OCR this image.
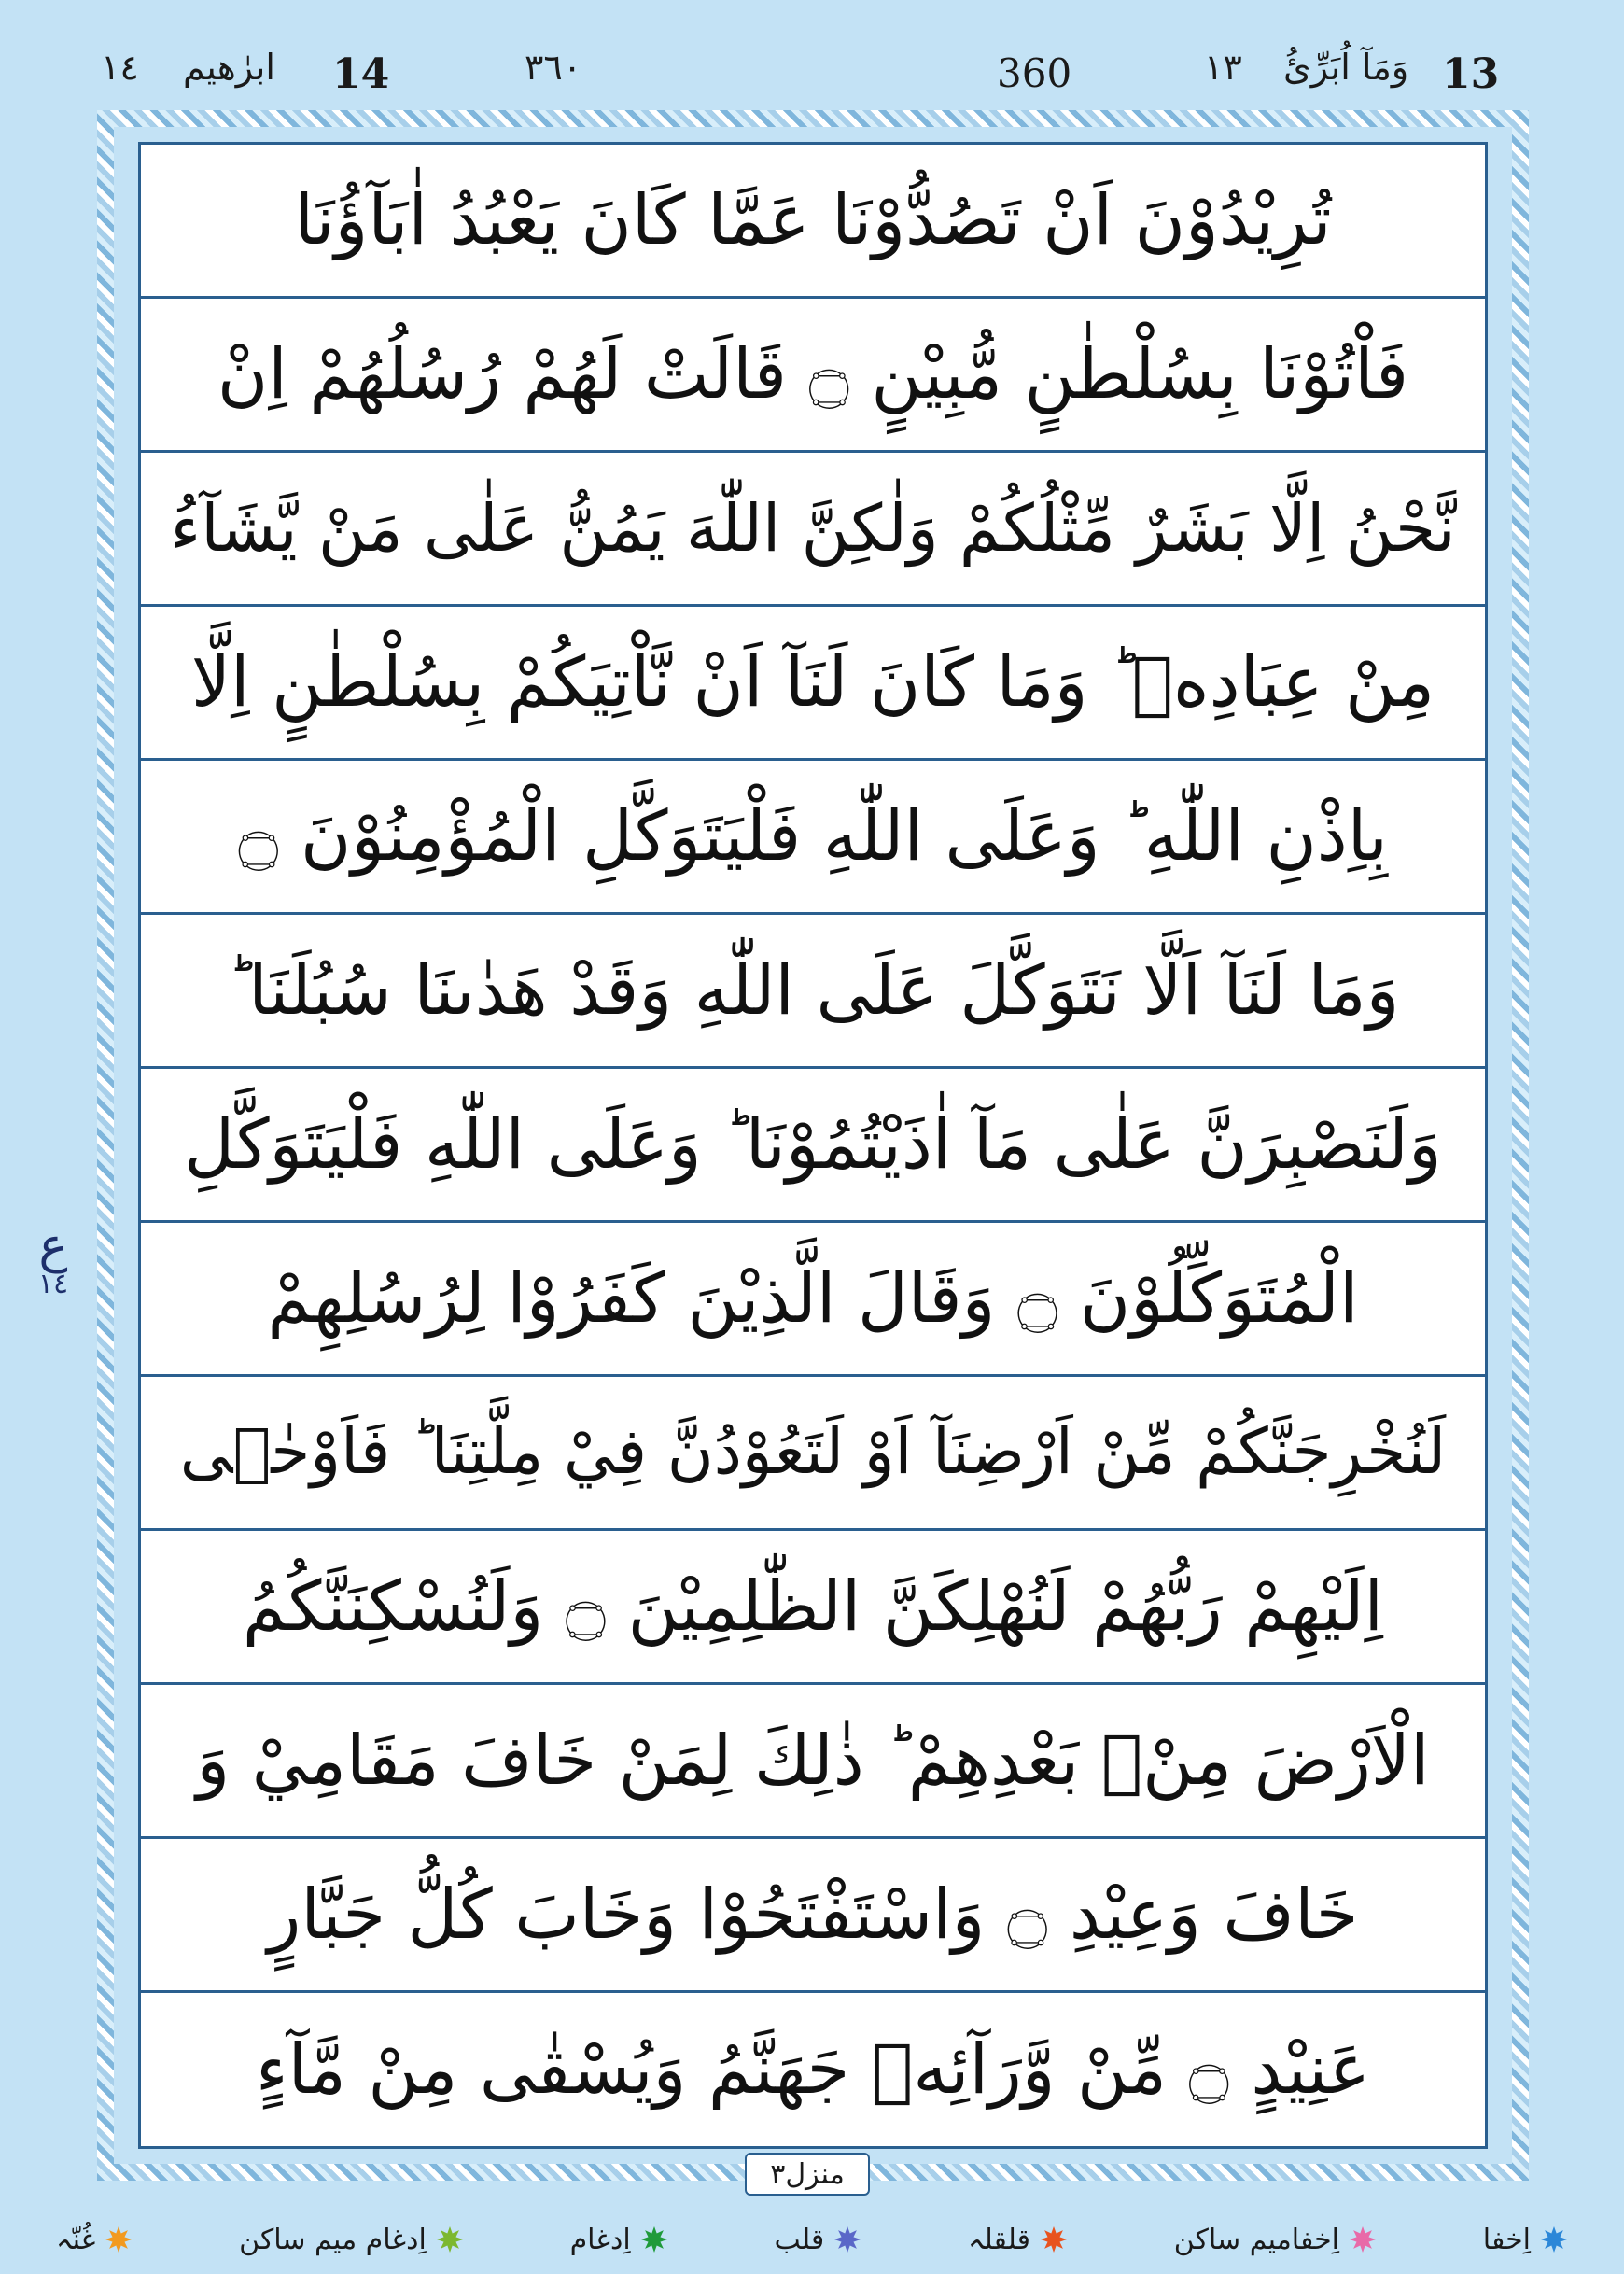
13
وَمَآ اُبَرِّئُ
١٣
360
٣٦٠
14
ابرٰهیم
١٤
تُرِيْدُوْنَ اَنْ تَصُدُّوْنَا عَمَّا كَانَ يَعْبُدُ اٰبَآؤُنَا
فَاْتُوْنَا بِسُلْطٰنٍ مُّبِيْنٍ ۝ قَالَتْ لَهُمْ رُسُلُهُمْ اِنْ
نَّحْنُ اِلَّا بَشَرٌ مِّثْلُكُمْ وَلٰكِنَّ اللّٰهَ يَمُنُّ عَلٰى مَنْ يَّشَآءُ
مِنْ عِبَادِهٖ ؕ وَمَا كَانَ لَنَآ اَنْ نَّاْتِيَكُمْ بِسُلْطٰنٍ اِلَّا
بِاِذْنِ اللّٰهِ ؕ وَعَلَى اللّٰهِ فَلْيَتَوَكَّلِ الْمُؤْمِنُوْنَ ۝
وَمَا لَنَآ اَلَّا نَتَوَكَّلَ عَلَى اللّٰهِ وَقَدْ هَدٰىنَا سُبُلَنَا ؕ
وَلَنَصْبِرَنَّ عَلٰى مَآ اٰذَيْتُمُوْنَا ؕ وَعَلَى اللّٰهِ فَلْيَتَوَكَّلِ
الْمُتَوَكِّلُوْنَ ۝ وَقَالَ الَّذِيْنَ كَفَرُوْا لِرُسُلِهِمْ
لَنُخْرِجَنَّكُمْ مِّنْ اَرْضِنَآ اَوْ لَتَعُوْدُنَّ فِيْ مِلَّتِنَا ؕ فَاَوْحٰۤى
اِلَيْهِمْ رَبُّهُمْ لَنُهْلِكَنَّ الظّٰلِمِيْنَ ۝ وَلَنُسْكِنَنَّكُمُ
الْاَرْضَ مِنْۢ بَعْدِهِمْ ؕ ذٰلِكَ لِمَنْ خَافَ مَقَامِيْ وَ
خَافَ وَعِيْدِ ۝ وَاسْتَفْتَحُوْا وَخَابَ كُلُّ جَبَّارٍ
عَنِيْدٍ ۝ مِّنْ وَّرَآئِهٖ جَهَنَّمُ وَيُسْقٰى مِنْ مَّآءٍ
ع
١٤
منزل٣
اِخفا
اِخفامیم ساکن
قلقلہ
قلب
اِدغام
اِدغام میم ساکن
غُنّہ
